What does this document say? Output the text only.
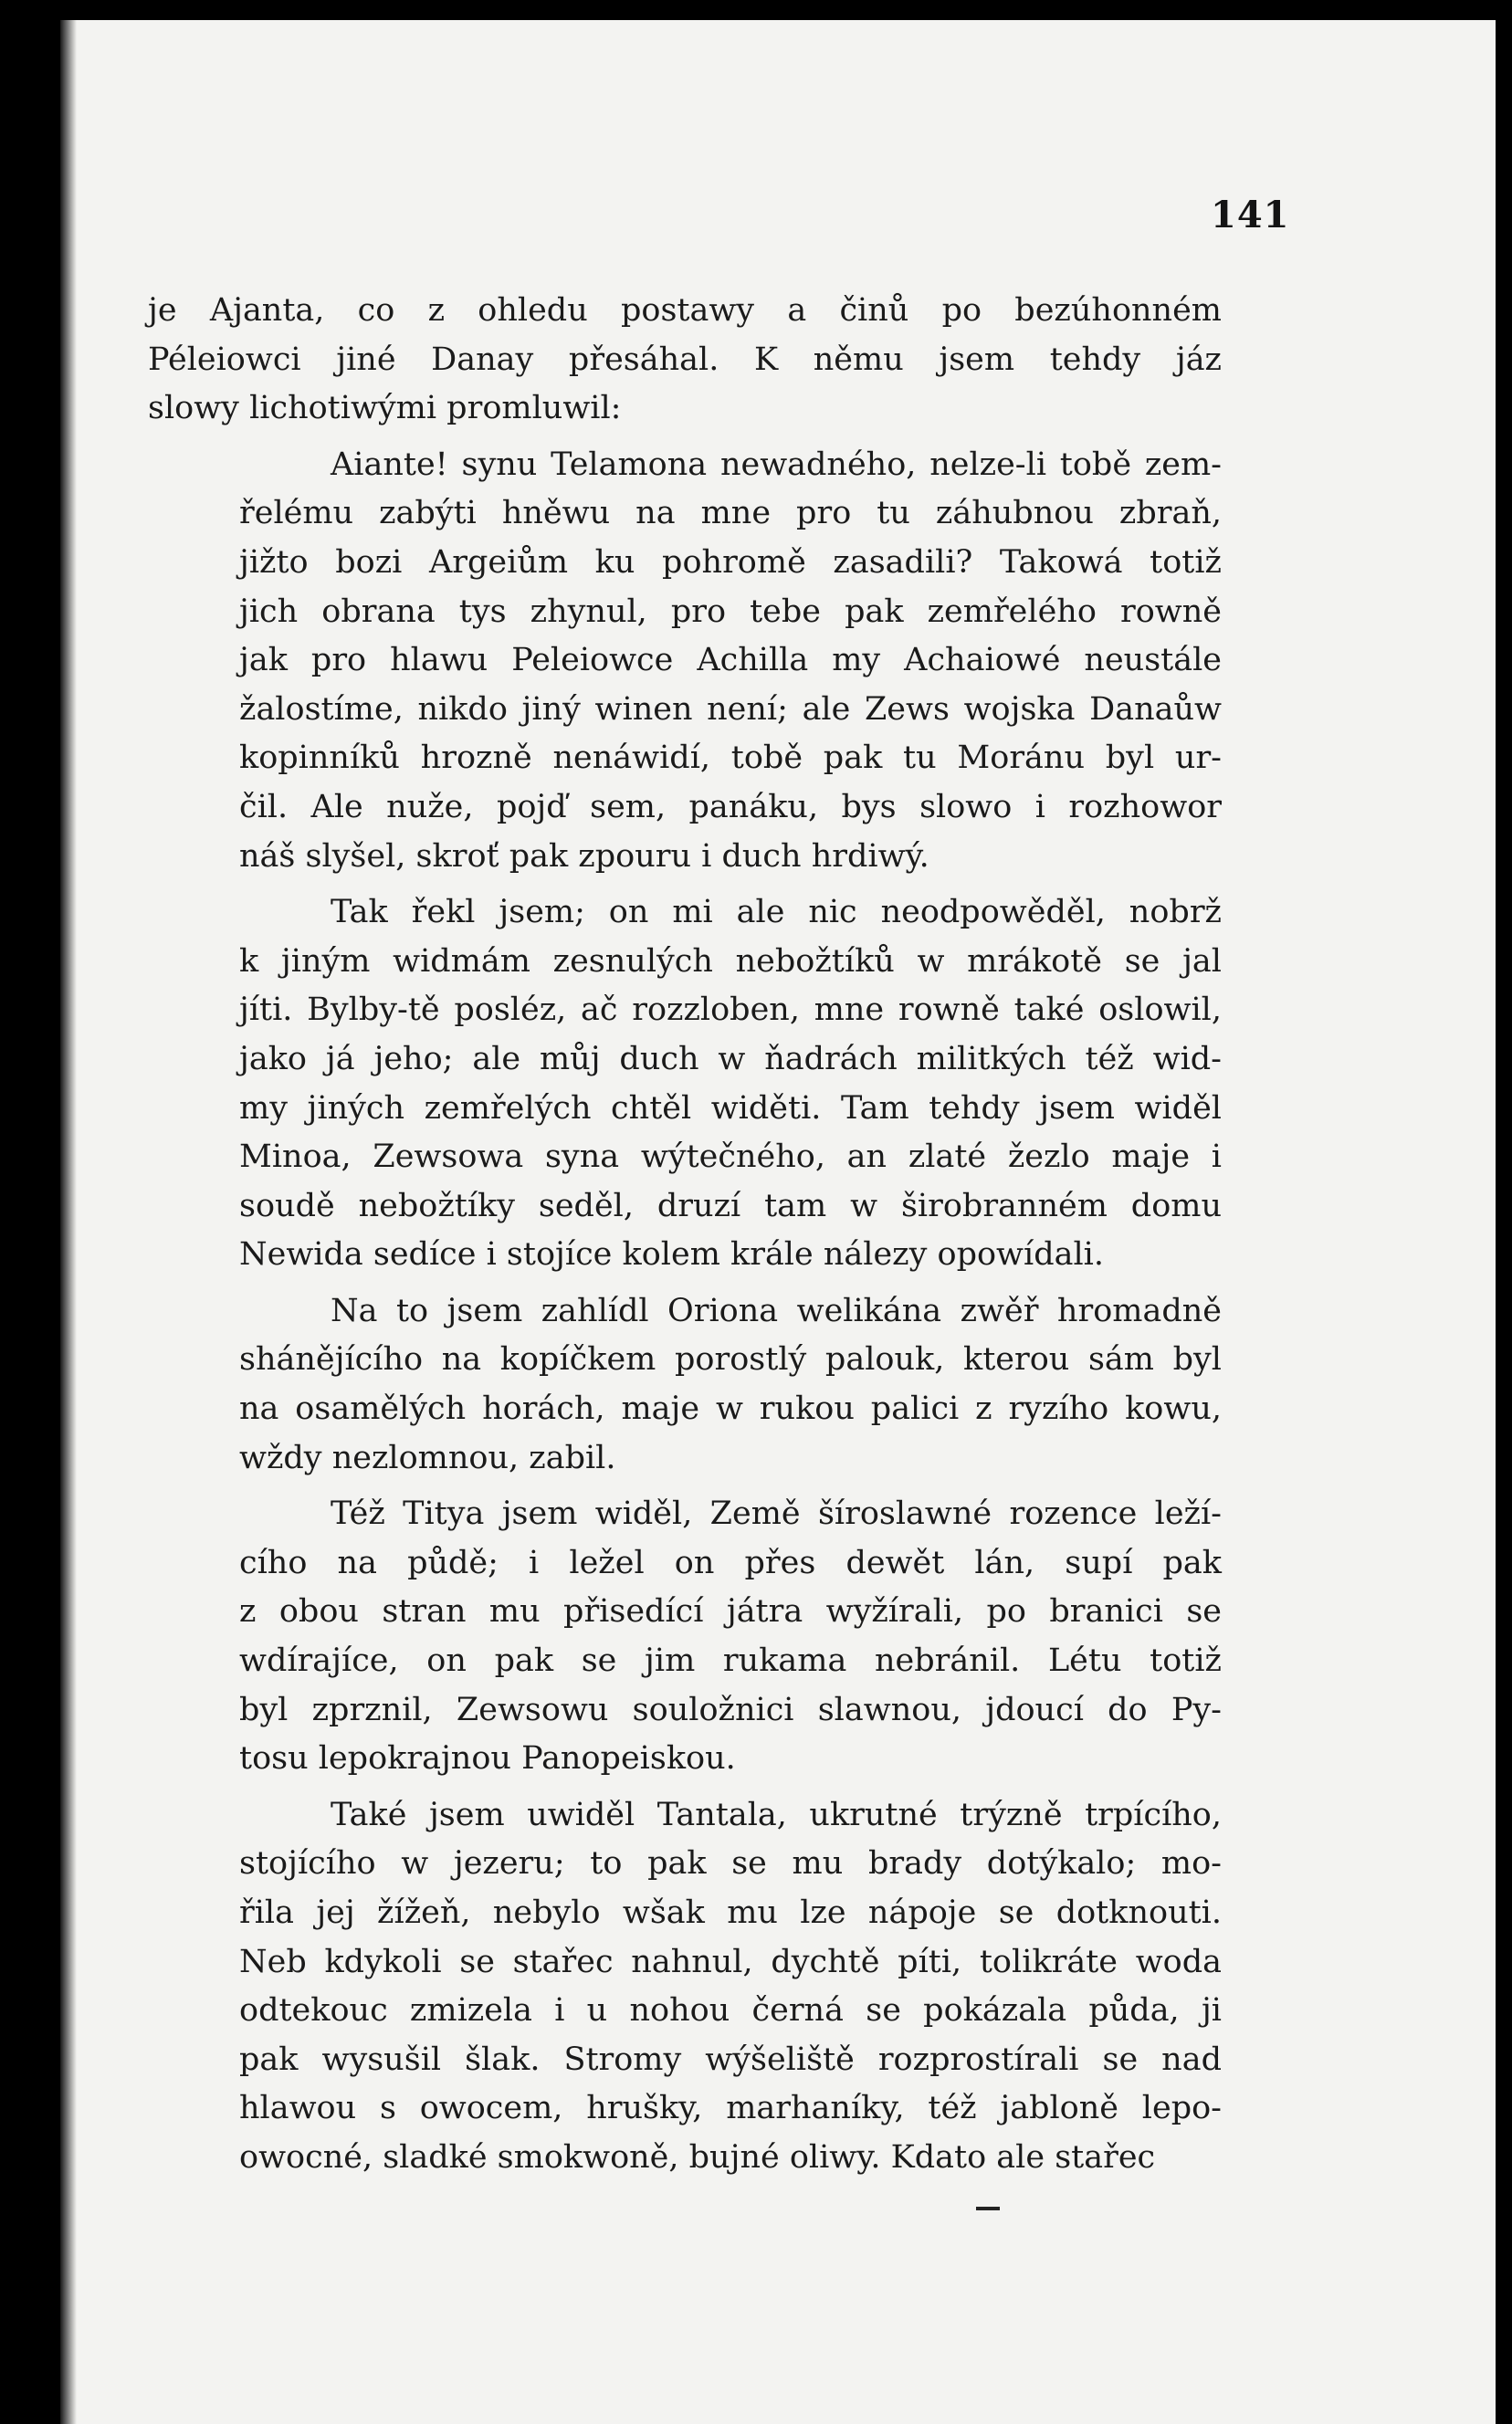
141
je Ajanta, co z ohledu postawy a činů po bezúhonném
Péleiowci jiné Danay přesáhal. K němu jsem tehdy jáz
slowy lichotiwými promluwil:
Aiante! synu Telamona newadného, nelze-li tobě zem-
řelému zabýti hněwu na mne pro tu záhubnou zbraň,
jižto bozi Argeiům ku pohromě zasadili? Takowá totiž
jich obrana tys zhynul, pro tebe pak zemřelého rowně
jak pro hlawu Peleiowce Achilla my Achaiowé neustále
žalostíme, nikdo jiný winen není; ale Zews wojska Danaůw
kopinníků hrozně nenáwidí, tobě pak tu Moránu byl ur-
čil. Ale nuže, pojď sem, panáku, bys slowo i rozhowor
náš slyšel, skroť pak zpouru i duch hrdiwý.
Tak řekl jsem; on mi ale nic neodpowěděl, nobrž
k jiným widmám zesnulých nebožtíků w mrákotě se jal
jíti. Bylby-tě posléz, ač rozzloben, mne rowně také oslowil,
jako já jeho; ale můj duch w ňadrách militkých též wid-
my jiných zemřelých chtěl widěti. Tam tehdy jsem widěl
Minoa, Zewsowa syna wýtečného, an zlaté žezlo maje i
soudě nebožtíky seděl, druzí tam w širobranném domu
Newida sedíce i stojíce kolem krále nálezy opowídali.
Na to jsem zahlídl Oriona welikána zwěř hromadně
shánějícího na kopíčkem porostlý palouk, kterou sám byl
na osamělých horách, maje w rukou palici z ryzího kowu,
wždy nezlomnou, zabil.
Též Tityа jsem widěl, Země šíroslawné rozence leží-
cího na půdě; i ležel on přes dewět lán, supí pak
z obou stran mu přisedící játra wyžírali, po branici se
wdírajíce, on pak se jim rukama nebránil. Létu totiž
byl zprznil, Zewsowu souložnici slawnou, jdoucí do Py-
tosu lepokrajnou Panopeiskou.
Také jsem uwiděl Tantala, ukrutné trýzně trpícího,
stojícího w jezeru; to pak se mu brady dotýkalo; mo-
řila jej žížeň, nebylo wšak mu lze nápoje se dotknouti.
Neb kdykoli se stařec nahnul, dychtě píti, tolikráte woda
odtekouc zmizela i u nohou černá se pokázala půda, ji
pak wysušil šlak. Stromy wýšeliště rozprostírali se nad
hlawou s owocem, hrušky, marhaníky, též jabloně lepo-
owocné, sladké smokwoně, bujné oliwy. Kdato ale stařec
